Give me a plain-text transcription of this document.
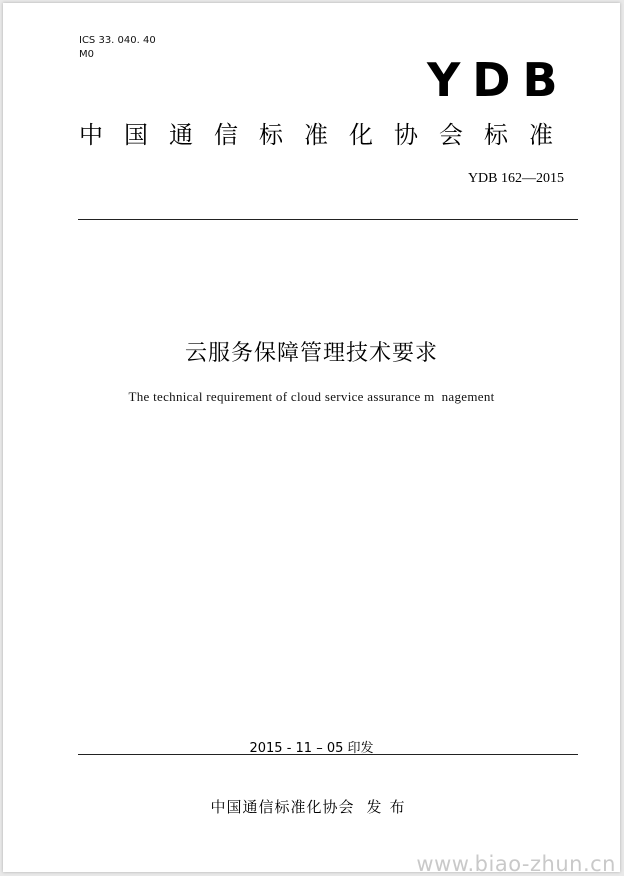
ICS 33. 040. 40
M0	YDB
中国通信标准化协会标准
YDB 162—2015
云服务保障管理技术要求
The technical requirement of cloud service assurance m  nagement
2015 - 11 – 05 印发
中国通信标准化协会 发布
www.biao-zhun.cn
